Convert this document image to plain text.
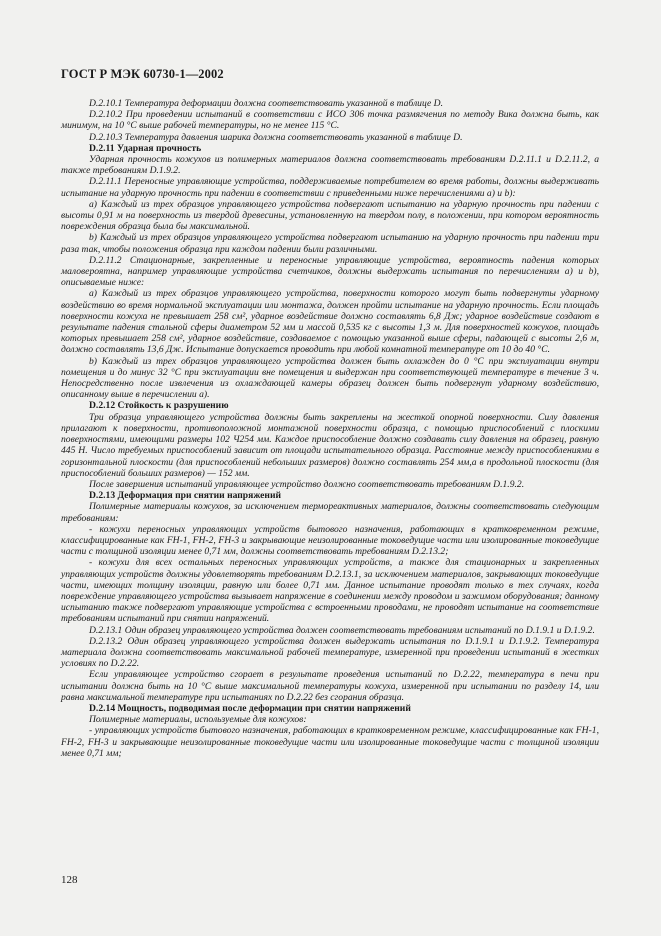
ГОСТ Р МЭК 60730-1—2002

D.2.10.1 Температура деформации должна соответствовать указанной в таблице D.

D.2.10.2 При проведении испытаний в соответствии с ИСО 306 точка размягчения по методу Вика должна быть, как минимум, на 10 °С выше рабочей температуры, но не менее 115 °С.

D.2.10.3 Температура давления шарика должна соответствовать указанной в таблице D.

D.2.11 Ударная прочность

Ударная прочность кожухов из полимерных материалов должна соответствовать требованиям D.2.11.1 и D.2.11.2, а также требованиям D.1.9.2.

D.2.11.1 Переносные управляющие устройства, поддерживаемые потребителем во время работы, должны выдерживать испытание на ударную прочность при падении в соответствии с приведенными ниже перечислениями а) и b):

а) Каждый из трех образцов управляющего устройства подвергают испытанию на ударную прочность при падении с высоты 0,91 м на поверхность из твердой древесины, установленную на твердом полу, в положении, при котором вероятность повреждения образца была бы максимальной.

b) Каждый из трех образцов управляющего устройства подвергают испытанию на ударную прочность при падении три раза так, чтобы положения образца при каждом падении были различными.

D.2.11.2 Стационарные, закрепленные и переносные управляющие устройства, вероятность падения которых маловероятна, например управляющие устройства счетчиков, должны выдержать испытания по перечислениям а) и b), описываемые ниже:

а) Каждый из трех образцов управляющего устройства, поверхности которого могут быть подвергнуты ударному воздействию во время нормальной эксплуатации или монтажа, должен пройти испытание на ударную прочность. Если площадь поверхности кожуха не превышает 258 см², ударное воздействие должно составлять 6,8 Дж; ударное воздействие создают в результате падения стальной сферы диаметром 52 мм и массой 0,535 кг с высоты 1,3 м. Для поверхностей кожухов, площадь которых превышает 258 см², ударное воздействие, создаваемое с помощью указанной выше сферы, падающей с высоты 2,6 м, должно составлять 13,6 Дж. Испытание допускается проводить при любой комнатной температуре от 10 до 40 °С.

b) Каждый из трех образцов управляющего устройства должен быть охлажден до 0 °С при эксплуатации внутри помещения и до минус 32 °С при эксплуатации вне помещения и выдержан при соответствующей температуре в течение 3 ч. Непосредственно после извлечения из охлаждающей камеры образец должен быть подвергнут ударному воздействию, описанному выше в перечислении а).

D.2.12 Стойкость к разрушению

Три образца управляющего устройства должны быть закреплены на жесткой опорной поверхности. Силу давления прилагают к поверхности, противоположной монтажной поверхности образца, с помощью приспособлений с плоскими поверхностями, имеющими размеры 102 Ч254 мм. Каждое приспособление должно создавать силу давления на образец, равную 445 Н. Число требуемых приспособлений зависит от площади испытательного образца. Расстояние между приспособлениями в горизонтальной плоскости (для приспособлений небольших размеров) должно составлять 254 мм,а в продольной плоскости (для приспособлений больших размеров) — 152 мм.

После завершения испытаний управляющее устройство должно соответствовать требованиям D.1.9.2.

D.2.13 Деформация при снятии напряжений

Полимерные материалы кожухов, за исключением термореактивных материалов, должны соответствовать следующим требованиям:

- кожухи переносных управляющих устройств бытового назначения, работающих в кратковременном режиме, классифицированные как FH-1, FH-2, FH-3 и закрывающие неизолированные токоведущие части или изолированные токоведущие части с толщиной изоляции менее 0,71 мм, должны соответствовать требованиям D.2.13.2;

- кожухи для всех остальных переносных управляющих устройств, а также для стационарных и закрепленных управляющих устройств должны удовлетворять требованиям D.2.13.1, за исключением материалов, закрывающих токоведущие части, имеющих толщину изоляции, равную или более 0,71 мм. Данное испытание проводят только в тех случаях, когда повреждение управляющего устройства вызывает напряжение в соединении между проводом и зажимом оборудования; данному испытанию также подвергают управляющие устройства с встроенными проводами, не проводят испытание на соответствие требованиям испытаний при снятии напряжений.

D.2.13.1 Один образец управляющего устройства должен соответствовать требованиям испытаний по D.1.9.1 и D.1.9.2.

D.2.13.2 Один образец управляющего устройства должен выдержать испытания по D.1.9.1 и D.1.9.2. Температура материала должна соответствовать максимальной рабочей температуре, измеренной при проведении испытаний в жестких условиях по D.2.22.

Если управляющее устройство сгорает в результате проведения испытаний по D.2.22, температура в печи при испытании должна быть на 10 °С выше максимальной температуры кожуха, измеренной при испытании по разделу 14, или равна максимальной температуре при испытаниях по D.2.22 без сгорания образца.

D.2.14 Мощность, подводимая после деформации при снятии напряжений

Полимерные материалы, используемые для кожухов:

- управляющих устройств бытового назначения, работающих в кратковременном режиме, классифицированные как FH-1, FH-2, FH-3 и закрывающие неизолированные токоведущие части или изолированные токоведущие части с толщиной изоляции менее 0,71 мм;

128
